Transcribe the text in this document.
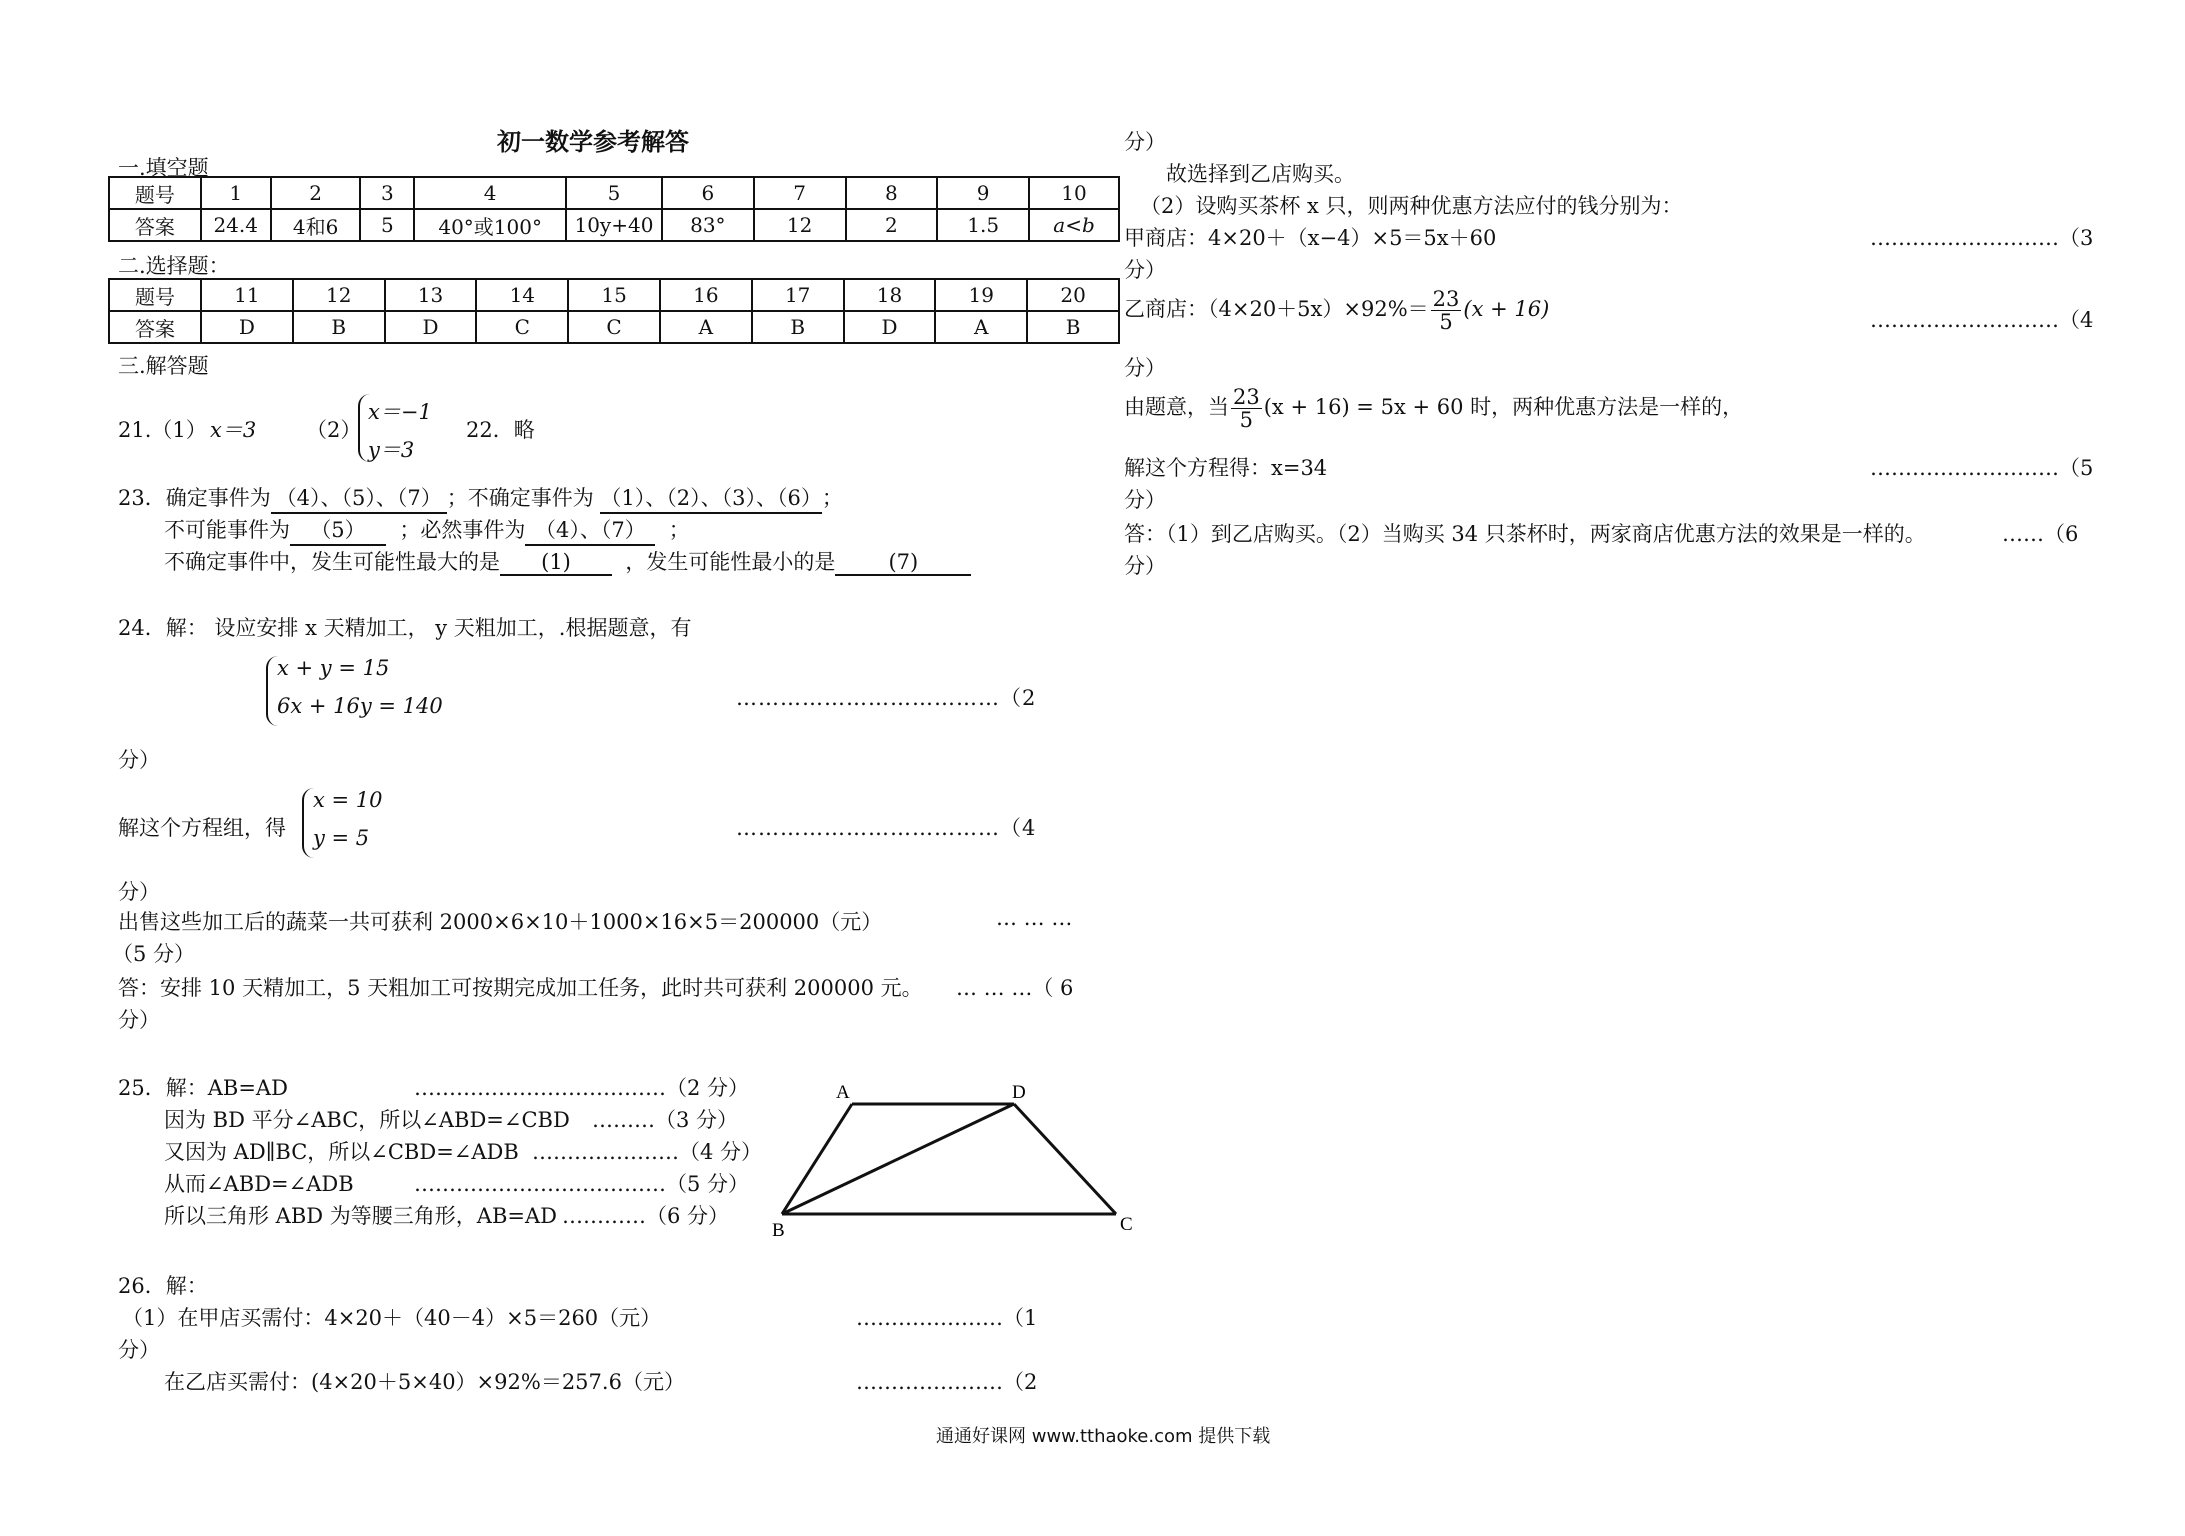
初一数学参考解答
一.填空题
题号	1	2	3	4	5	6	7	8	9	10
答案	24.4	4和6	5	40°或100°	10y+40	83°	12	2	1.5	a<b
二.选择题：
题号	11	12	13	14	15	16	17	18	19	20
答案	D	B	D	C	C	A	B	D	A	B
三.解答题
21.（1） x＝3 （2）
x＝−1
y＝3
22．略
23．确定事件为 （4）、（5）、（7） ；不确定事件为 （1）、（2）、（3）、（6）；
不可能事件为 （5） ；必然事件为 （4）、（7） ；
不确定事件中，发生可能性最大的是 (1)	，发生可能性最小的是	(7)
24．解： 设应安排 x 天精加工， y 天粗加工，.根据题意，有
x + y = 15
6x + 16y = 140	………………………………（2
分）
解这个方程组，得
x = 10
y = 5	………………………………（4
分）
出售这些加工后的蔬菜一共可获利 2000×6×10＋1000×16×5＝200000（元）	… … …
（5 分）
答：安排 10 天精加工，5 天粗加工可按期完成加工任务，此时共可获利 200000 元。 … … …（ 6
分）
25．解：AB=AD	………………………………（2 分）
因为 BD 平分∠ABC，所以∠ABD=∠CBD ………（3 分）
又因为 AD∥BC，所以∠CBD=∠ADB …………………（4 分）
从而∠ABD=∠ADB	………………………………（5 分）
所以三角形 ABD 为等腰三角形，AB=AD …………（6 分）
A	D
B	C
26．解：
（1）在甲店买需付：4×20＋（40－4）×5＝260（元）	…………………（1
分）
在乙店买需付：(4×20＋5×40）×92%＝257.6（元）	…………………（2
分）
故选择到乙店购买。
（2）设购买茶杯 x 只，则两种优惠方法应付的钱分别为：
甲商店：4×20＋（x−4）×5＝5x＋60	………………………（3
分）
乙商店：$(4\times 20+5x)\times 92\%= \frac{23}{5} (x + 16)$	………………………（4
分）
由题意，当 $\frac{23}{5} (x + 16) = 5x + 60$ 时，两种优惠方法是一样的，
解这个方程得：x=34	………………………（5
分）
答：（1）到乙店购买。（2）当购买 34 只茶杯时，两家商店优惠方法的效果是一样的。	……（6
分）
通通好课网 www.tthaoke.com 提供下载
